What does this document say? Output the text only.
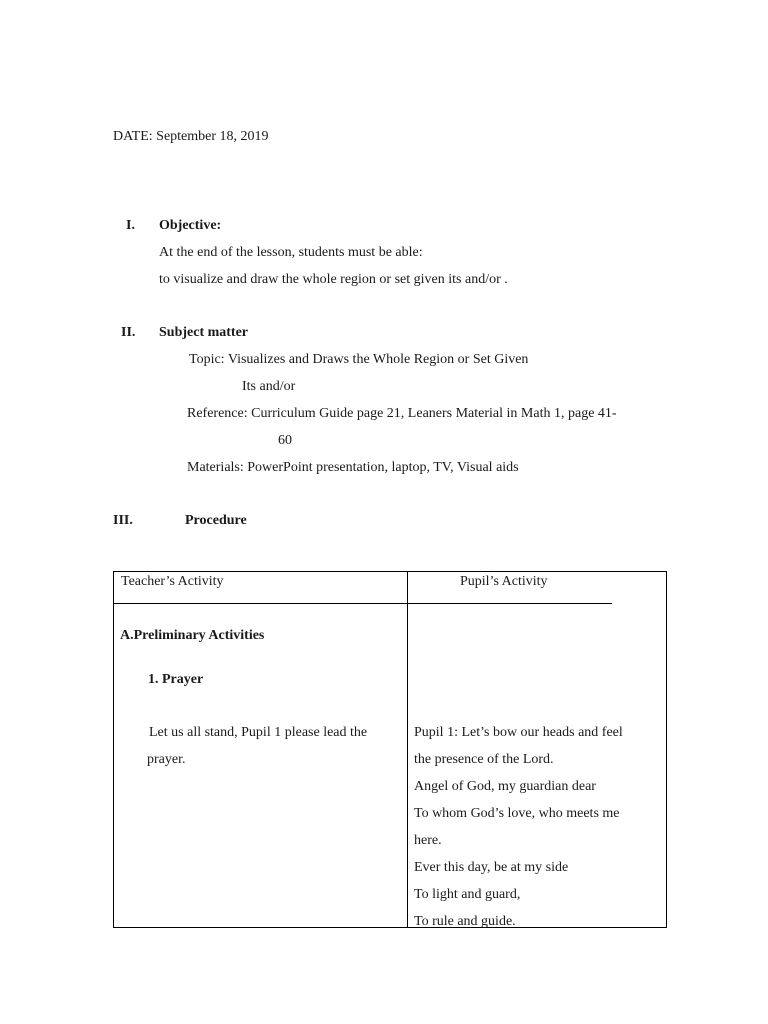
DATE: September 18, 2019
I. Objective:
At the end of the lesson, students must be able:
to visualize and draw the whole region or set given its and/or .
II. Subject matter
Topic: Visualizes and Draws the Whole Region or Set Given
Its and/or
Reference: Curriculum Guide page 21, Leaners Material in Math 1, page 41-
60
Materials: PowerPoint presentation, laptop, TV, Visual aids
III.	Procedure
Teacher’s Activity	Pupil’s Activity
A.Preliminary Activities
1. Prayer
Let us all stand, Pupil 1 please lead the
prayer.
Pupil 1: Let’s bow our heads and feel
the presence of the Lord.
Angel of God, my guardian dear
To whom God’s love, who meets me
here.
Ever this day, be at my side
To light and guard,
To rule and guide.
